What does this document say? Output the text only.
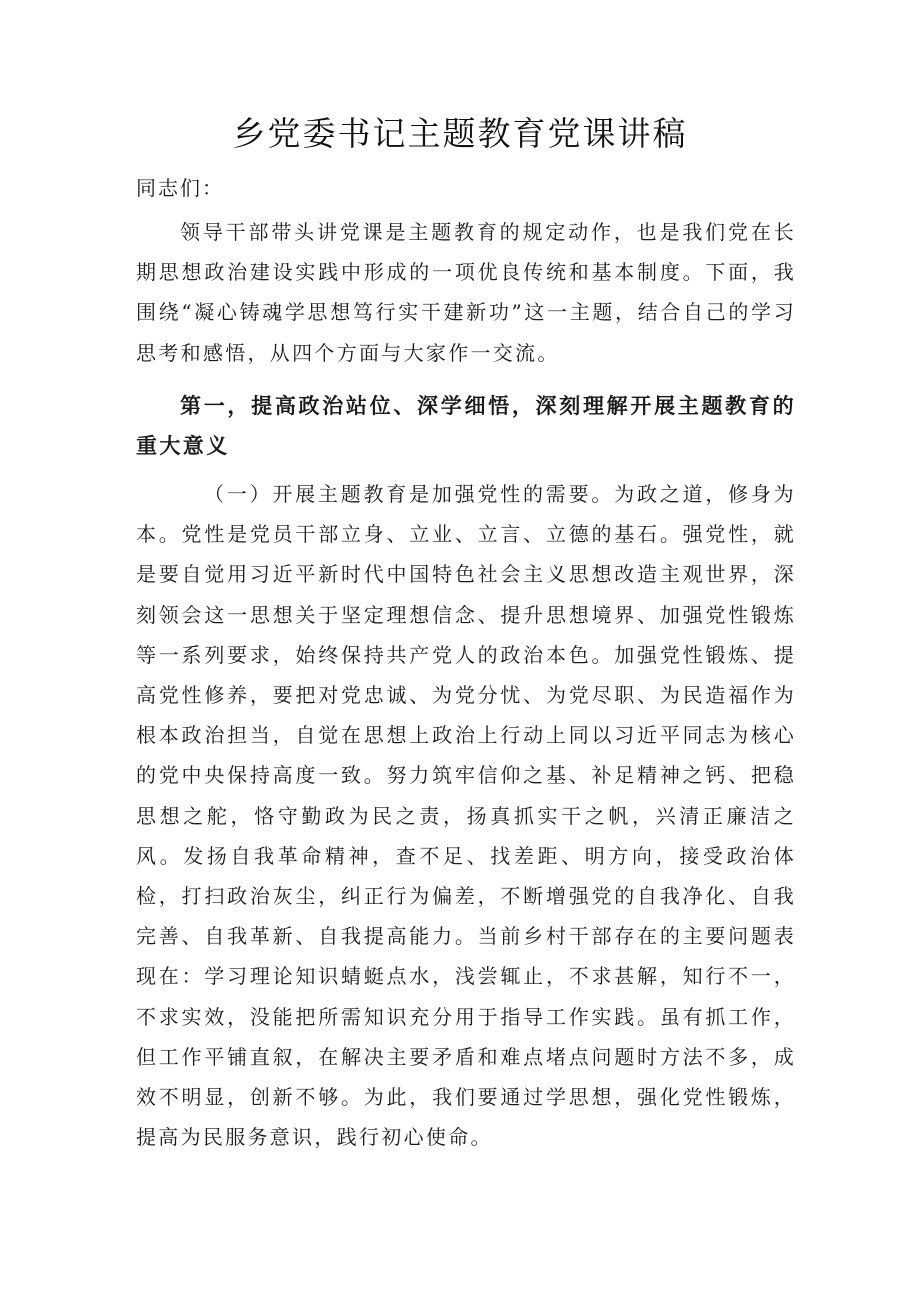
乡党委书记主题教育党课讲稿
同志们：

领导干部带头讲党课是主题教育的规定动作，也是我们党在长期思想政治建设实践中形成的一项优良传统和基本制度。下面，我围绕“凝心铸魂学思想笃行实干建新功”这一主题，结合自己的学习思考和感悟，从四个方面与大家作一交流。

第一，提高政治站位、深学细悟，深刻理解开展主题教育的重大意义

（一）开展主题教育是加强党性的需要。为政之道，修身为本。党性是党员干部立身、立业、立言、立德的基石。强党性，就是要自觉用习近平新时代中国特色社会主义思想改造主观世界，深刻领会这一思想关于坚定理想信念、提升思想境界、加强党性锻炼等一系列要求，始终保持共产党人的政治本色。加强党性锻炼、提高党性修养，要把对党忠诚、为党分忧、为党尽职、为民造福作为根本政治担当，自觉在思想上政治上行动上同以习近平同志为核心的党中央保持高度一致。努力筑牢信仰之基、补足精神之钙、把稳思想之舵，恪守勤政为民之责，扬真抓实干之帆，兴清正廉洁之风。发扬自我革命精神，查不足、找差距、明方向，接受政治体检，打扫政治灰尘，纠正行为偏差，不断增强党的自我净化、自我完善、自我革新、自我提高能力。当前乡村干部存在的主要问题表现在：学习理论知识蜻蜓点水，浅尝辄止，不求甚解，知行不一，不求实效，没能把所需知识充分用于指导工作实践。虽有抓工作，但工作平铺直叙，在解决主要矛盾和难点堵点问题时方法不多，成效不明显，创新不够。为此，我们要通过学思想，强化党性锻炼，提高为民服务意识，践行初心使命。
